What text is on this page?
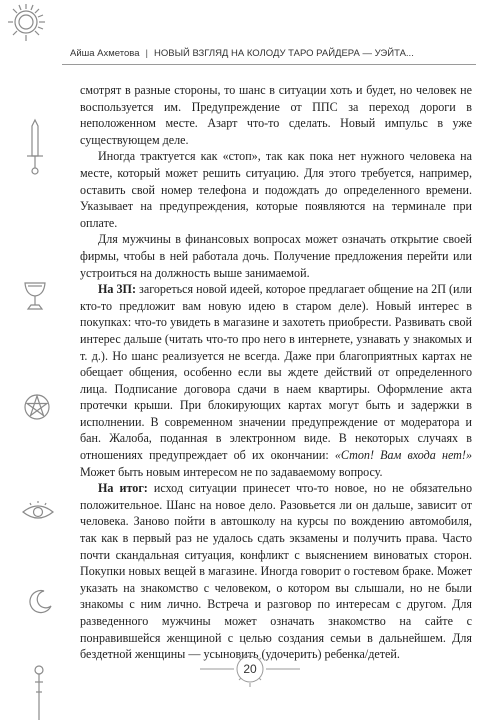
Айша Ахметова | НОВЫЙ ВЗГЛЯД НА КОЛОДУ ТАРО РАЙДЕРА — УЭЙТА...

смотрят в разные стороны, то шанс в ситуации хоть и будет, но человек не воспользуется им. Предупреждение от ППС за переход дороги в неположенном месте. Азарт что-то сделать. Новый импульс в уже существующем деле.

Иногда трактуется как «стоп», так как пока нет нужного человека на месте, который может решить ситуацию. Для этого требуется, например, оставить свой номер телефона и подождать до определенного времени. Указывает на предупреждения, которые появляются на терминале при оплате.

Для мужчины в финансовых вопросах может означать открытие своей фирмы, чтобы в ней работала дочь. Получение предложения перейти или устроиться на должность выше занимаемой.

На 3П: загореться новой идеей, которое предлагает общение на 2П (или кто-то предложит вам новую идею в старом деле). Новый интерес в покупках: что-то увидеть в магазине и захотеть приобрести. Развивать свой интерес дальше (читать что-то про него в интернете, узнавать у знакомых и т. д.). Но шанс реализуется не всегда. Даже при благоприятных картах не обещает общения, особенно если вы ждете действий от определенного лица. Подписание договора сдачи в наем квартиры. Оформление акта протечки крыши. При блокирующих картах могут быть и задержки в исполнении. В современном значении предупреждение от модератора и бан. Жалоба, поданная в электронном виде. В некоторых случаях в отношениях предупреждает об их окончании: «Стоп! Вам входа нет!» Может быть новым интересом не по задаваемому вопросу.

На итог: исход ситуации принесет что-то новое, но не обязательно положительное. Шанс на новое дело. Разовьется ли он дальше, зависит от человека. Заново пойти в автошколу на курсы по вождению автомобиля, так как в первый раз не удалось сдать экзамены и получить права. Часто почти скандальная ситуация, конфликт с выяснением виноватых сторон. Покупки новых вещей в магазине. Иногда говорит о гостевом браке. Может указать на знакомство с человеком, о котором вы слышали, но не были знакомы с ним лично. Встреча и разговор по интересам с другом. Для разведенного мужчины может означать знакомство на сайте с понравившейся женщиной с целью создания семьи в дальнейшем. Для бездетной женщины — усыновить (удочерить) ребенка/детей.

20
